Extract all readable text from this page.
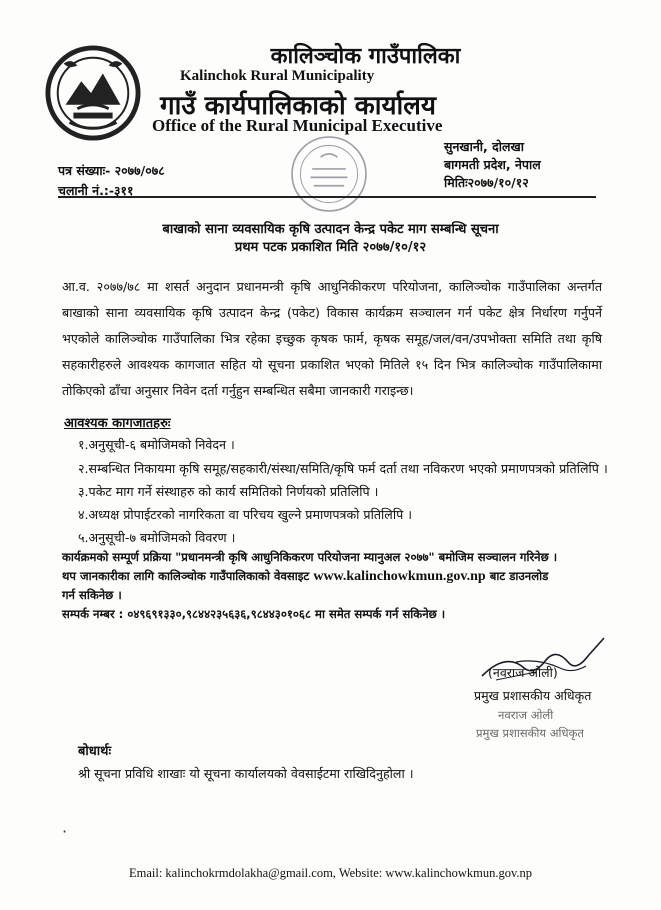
कालिञ्चोक गाउँपालिका
Kalinchok Rural Municipality
गाउँ कार्यपालिकाको कार्यालय
Office of the Rural Municipal Executive
सुनखानी, दोलखा
बागमती प्रदेश, नेपाल
मितिः२०७७/१०/१२
पत्र संख्याः- २०७७/०७८
चलानी नं.:-३११
बाखाको साना व्यवसायिक कृषि उत्पादन केन्द्र पकेट माग सम्बन्धि सूचना
प्रथम पटक प्रकाशित मिति २०७७/१०/१२
आ.व. २०७७/७८ मा शसर्त अनुदान प्रधानमन्त्री कृषि आधुनिकीकरण परियोजना, कालिञ्चोक गाउँपालिका अन्तर्गत बाखाको साना व्यवसायिक कृषि उत्पादन केन्द्र (पकेट) विकास कार्यक्रम सञ्चालन गर्न पकेट क्षेत्र निर्धारण गर्नुपर्ने भएकोले कालिञ्चोक गाउँपालिका भित्र रहेका इच्छुक कृषक फार्म, कृषक समूह/जल/वन/उपभोक्ता समिति तथा कृषि सहकारीहरुले आवश्यक कागजात सहित यो सूचना प्रकाशित भएको मितिले १५ दिन भित्र कालिञ्चोक गाउँपालिकामा तोकिएको ढाँचा अनुसार निवेन दर्ता गर्नुहुन सम्बन्धित सबैमा जानकारी गराइन्छ।
आवश्यक कागजातहरुः
१.अनुसूची-६ बमोजिमको निवेदन ।
२.सम्बन्धित निकायमा कृषि समूह/सहकारी/संस्था/समिति/कृषि फर्म दर्ता तथा नविकरण भएको प्रमाणपत्रको प्रतिलिपि ।
३.पकेट माग गर्ने संस्थाहरु को कार्य समितिको निर्णयको प्रतिलिपि ।
४.अध्यक्ष प्रोपाईटरको नागरिकता वा परिचय खुल्ने प्रमाणपत्रको प्रतिलिपि ।
५.अनुसूची-७ बमोजिमको विवरण ।
कार्यक्रमको सम्पूर्ण प्रक्रिया "प्रधानमन्त्री कृषि आधुनिकिकरण परियोजना म्यानुअल २०७७" बमोजिम सञ्चालन गरिनेछ ।
थप जानकारीका लागि कालिञ्चोक गाउँपालिकाको वेवसाइट www.kalinchowkmun.gov.np बाट डाउनलोड
गर्न सकिनेछ ।
सम्पर्क नम्बर : ०४९६९१३३०,९८४४२३५६३६,९८४४३०१०६८ मा समेत सम्पर्क गर्न सकिनेछ ।
(नवराज ओली)
प्रमुख प्रशासकीय अधिकृत
नवराज ओली
प्रमुख प्रशासकीय अधिकृत
बोधार्थः
श्री सूचना प्रविधि शाखाः यो सूचना कार्यालयको वेवसाईटमा राखिदिनुहोला ।
·
Email: kalinchokrmdolakha@gmail.com, Website: www.kalinchowkmun.gov.np
